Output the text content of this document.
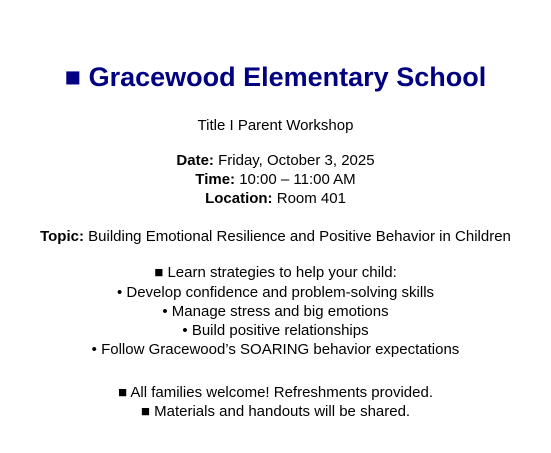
■ Gracewood Elementary School

Title I Parent Workshop

Date: Friday, October 3, 2025

Time: 10:00 – 11:00 AM

Location: Room 401

Topic: Building Emotional Resilience and Positive Behavior in Children

■ Learn strategies to help your child:

• Develop confidence and problem-solving skills

• Manage stress and big emotions

• Build positive relationships

• Follow Gracewood’s SOARING behavior expectations

■ All families welcome! Refreshments provided.

■ Materials and handouts will be shared.
